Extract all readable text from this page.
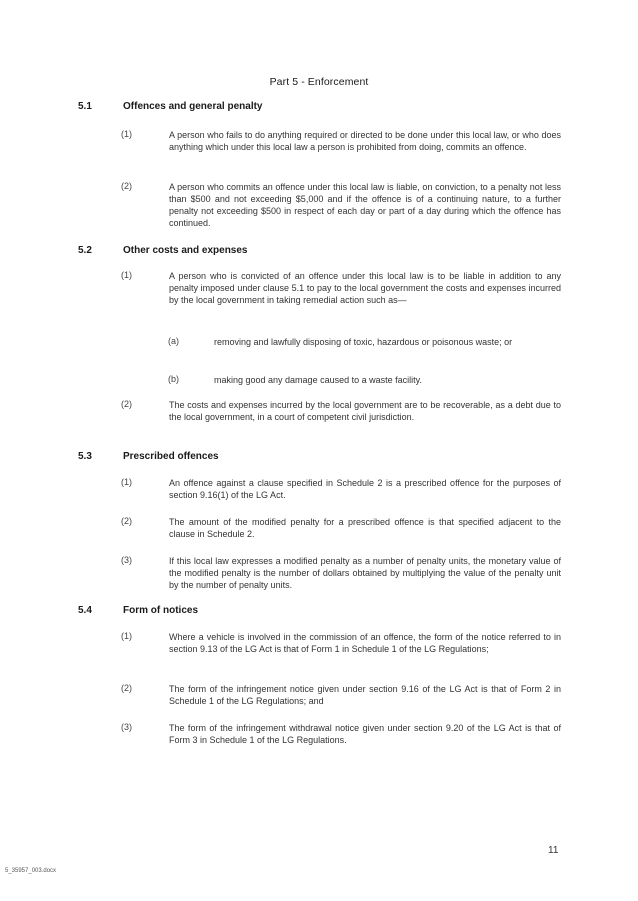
Part 5 - Enforcement
5.1	Offences and general penalty
(1)	A person who fails to do anything required or directed to be done under this local law, or who does anything which under this local law a person is prohibited from doing, commits an offence.
(2)	A person who commits an offence under this local law is liable, on conviction, to a penalty not less than $500 and not exceeding $5,000 and if the offence is of a continuing nature, to a further penalty not exceeding $500 in respect of each day or part of a day during which the offence has continued.
5.2	Other costs and expenses
(1)	A person who is convicted of an offence under this local law is to be liable in addition to any penalty imposed under clause 5.1 to pay to the local government the costs and expenses incurred by the local government in taking remedial action such as—
(a)	removing and lawfully disposing of toxic, hazardous or poisonous waste; or
(b)	making good any damage caused to a waste facility.
(2)	The costs and expenses incurred by the local government are to be recoverable, as a debt due to the local government, in a court of competent civil jurisdiction.
5.3	Prescribed offences
(1)	An offence against a clause specified in Schedule 2 is a prescribed offence for the purposes of section 9.16(1) of the LG Act.
(2)	The amount of the modified penalty for a prescribed offence is that specified adjacent to the clause in Schedule 2.
(3)	If this local law expresses a modified penalty as a number of penalty units, the monetary value of the modified penalty is the number of dollars obtained by multiplying the value of the penalty unit by the number of penalty units.
5.4	Form of notices
(1)	Where a vehicle is involved in the commission of an offence, the form of the notice referred to in section 9.13 of the LG Act is that of Form 1 in Schedule 1 of the LG Regulations;
(2)	The form of the infringement notice given under section 9.16 of the LG Act is that of Form 2 in Schedule 1 of the LG Regulations; and
(3)	The form of the infringement withdrawal notice given under section 9.20 of the LG Act is that of Form 3 in Schedule 1 of the LG Regulations.
11
5_35957_003.docx
